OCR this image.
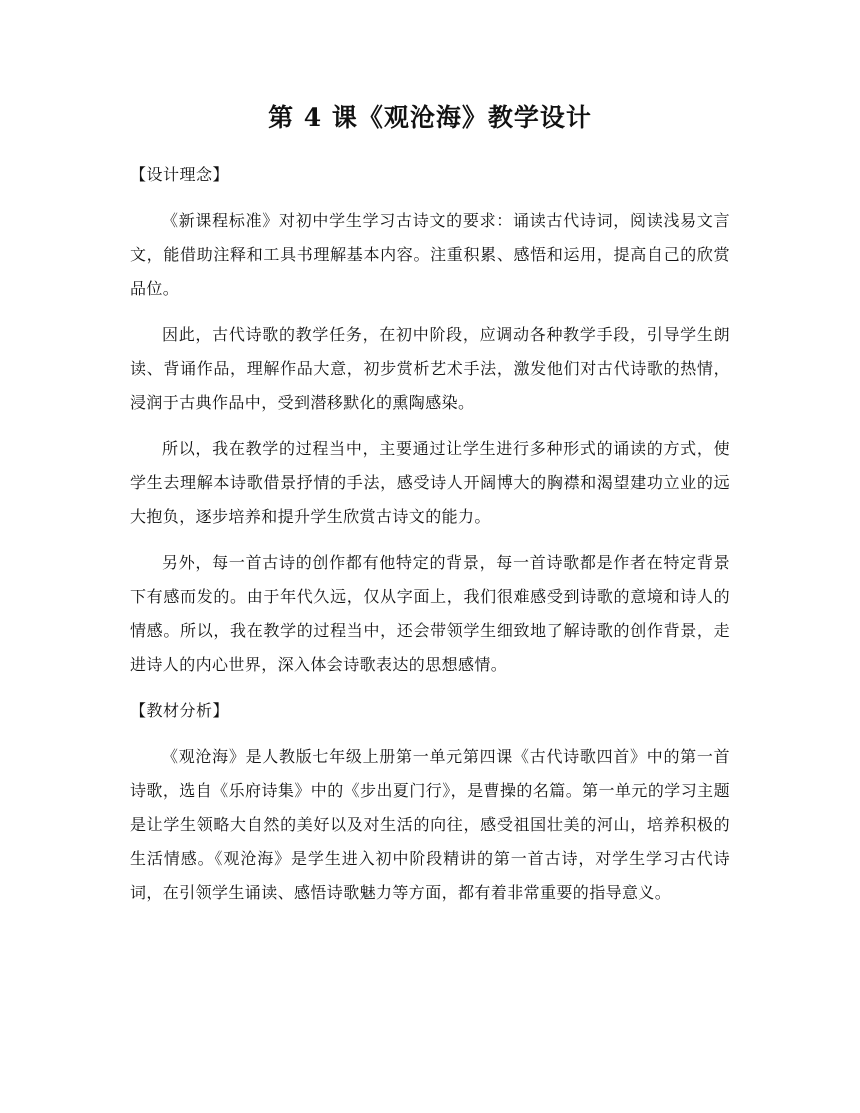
第 4 课《观沧海》教学设计

【设计理念】

《新课程标准》对初中学生学习古诗文的要求：诵读古代诗词，阅读浅易文言文，能借助注释和工具书理解基本内容。注重积累、感悟和运用，提高自己的欣赏品位。

因此，古代诗歌的教学任务，在初中阶段，应调动各种教学手段，引导学生朗读、背诵作品，理解作品大意，初步赏析艺术手法，激发他们对古代诗歌的热情，浸润于古典作品中，受到潜移默化的熏陶感染。

所以，我在教学的过程当中，主要通过让学生进行多种形式的诵读的方式，使学生去理解本诗歌借景抒情的手法，感受诗人开阔博大的胸襟和渴望建功立业的远大抱负，逐步培养和提升学生欣赏古诗文的能力。

另外，每一首古诗的创作都有他特定的背景，每一首诗歌都是作者在特定背景下有感而发的。由于年代久远，仅从字面上，我们很难感受到诗歌的意境和诗人的情感。所以，我在教学的过程当中，还会带领学生细致地了解诗歌的创作背景，走进诗人的内心世界，深入体会诗歌表达的思想感情。

【教材分析】

《观沧海》是人教版七年级上册第一单元第四课《古代诗歌四首》中的第一首诗歌，选自《乐府诗集》中的《步出夏门行》，是曹操的名篇。第一单元的学习主题是让学生领略大自然的美好以及对生活的向往，感受祖国壮美的河山，培养积极的生活情感。《观沧海》是学生进入初中阶段精讲的第一首古诗，对学生学习古代诗词，在引领学生诵读、感悟诗歌魅力等方面，都有着非常重要的指导意义。
